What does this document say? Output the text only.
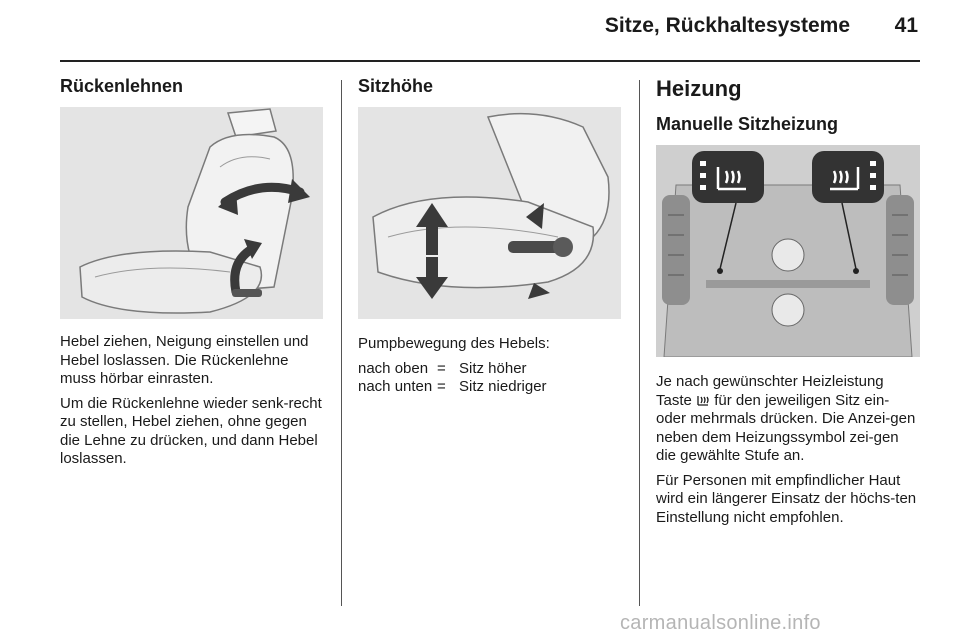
Sitze, Rückhaltesysteme	41
Rückenlehnen

Hebel ziehen, Neigung einstellen und Hebel loslassen. Die Rückenlehne muss hörbar einrasten.

Um die Rückenlehne wieder senk-recht zu stellen, Hebel ziehen, ohne gegen die Lehne zu drücken, und dann Hebel loslassen.

Sitzhöhe

Pumpbewegung des Hebels:

nach oben = Sitz höher
nach unten = Sitz niedriger
Heizung
Manuelle Sitzheizung

Je nach gewünschter Heizleistung Taste für den jeweiligen Sitz ein- oder mehrmals drücken. Die Anzei-gen neben dem Heizungssymbol zei-gen die gewählte Stufe an.

Für Personen mit empfindlicher Haut wird ein längerer Einsatz der höchs-ten Einstellung nicht empfohlen.

carmanualsonline.info
